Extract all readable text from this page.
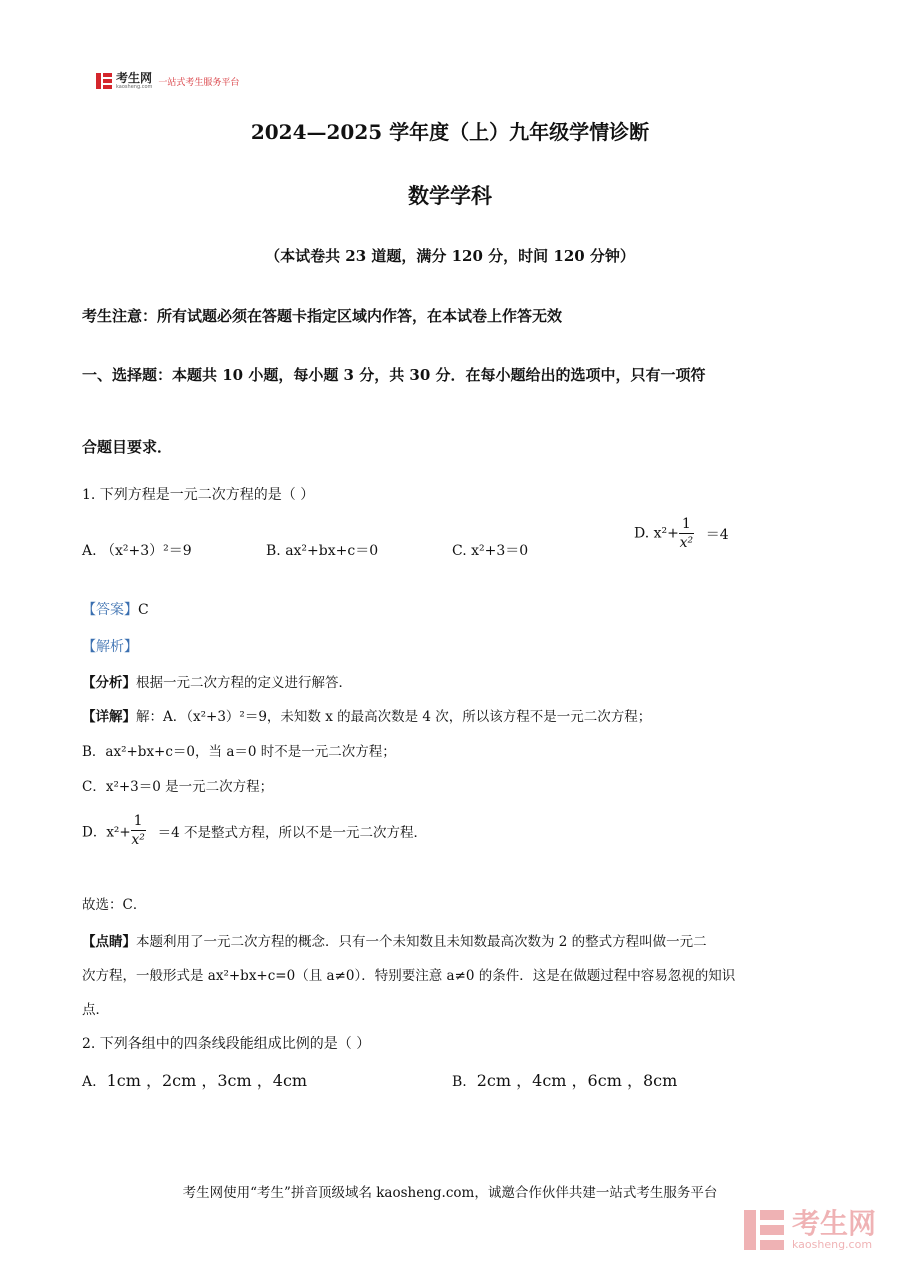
考生网
kaosheng.com 一站式考生服务平台
2024—2025 学年度（上）九年级学情诊断
数学学科
（本试卷共 23 道题，满分 120 分，时间 120 分钟）
考生注意：所有试题必须在答题卡指定区域内作答，在本试卷上作答无效
一、选择题：本题共 10 小题，每小题 3 分，共 30 分．在每小题给出的选项中，只有一项符
合题目要求．
1. 下列方程是一元二次方程的是（ ）
A. （x²+3）²＝9	B. ax²+bx+c＝0	C. x²+3＝0
D. $x^2+ \frac{1}{\text{x²}} =4$
【答案】C
【解析】
【分析】根据一元二次方程的定义进行解答．
【详解】解：A．（x²+3）²＝9，未知数 x 的最高次数是 4 次，所以该方程不是一元二次方程；
B．ax²+bx+c＝0，当 a＝0 时不是一元二次方程；
C．x²+3＝0 是一元二次方程；
D．$x^2+ \frac{1}{\text{x²}} =4$ 不是整式方程，所以不是一元二次方程．
故选：C．
【点睛】本题利用了一元二次方程的概念．只有一个未知数且未知数最高次数为 2 的整式方程叫做一元二
次方程，一般形式是 ax²+bx+c=0（且 a≠0）．特别要注意 a≠0 的条件．这是在做题过程中容易忽视的知识
点．
2. 下列各组中的四条线段能组成比例的是（ ）
A. 1cm ，2cm ，3cm ，4cm	B. 2cm ，4cm ，6cm ，8cm
考生网使用“考生”拼音顶级域名 kaosheng.com，诚邀合作伙伴共建一站式考生服务平台
考生网
kaosheng.com
